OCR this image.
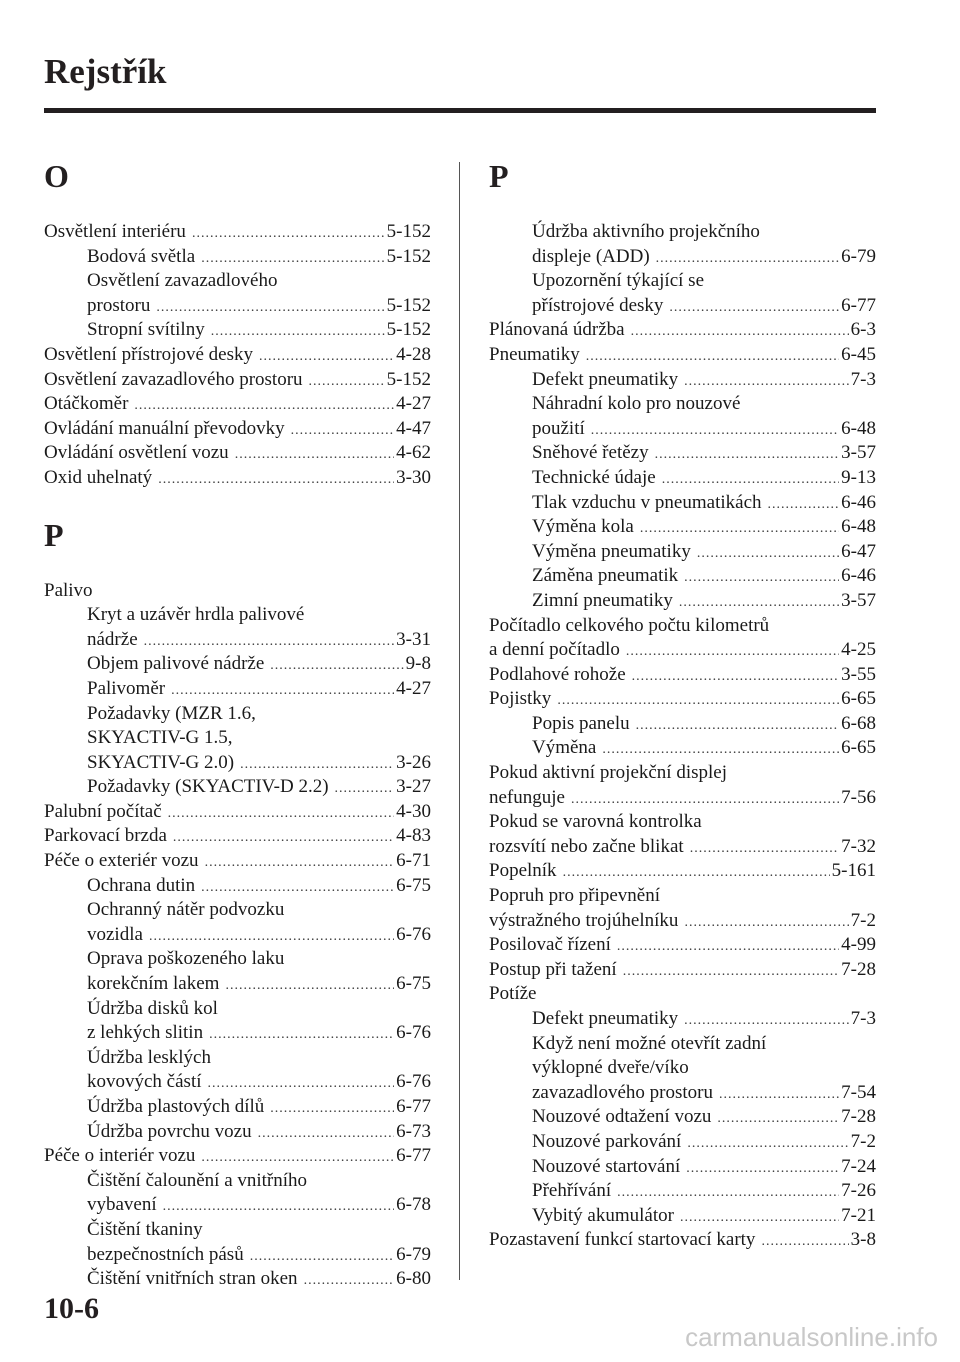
Rejstřík
O
Osvětlení interiéru .....	5-152
Bodová světla .....	5-152
Osvětlení zavazadlového
prostoru .....	5-152
Stropní svítilny .....	5-152
Osvětlení přístrojové desky .....	4-28
Osvětlení zavazadlového prostoru .....	5-152
Otáčkoměr .....	4-27
Ovládání manuální převodovky .....	4-47
Ovládání osvětlení vozu .....	4-62
Oxid uhelnatý .....	3-30
P
Palivo
Kryt a uzávěr hrdla palivové
nádrže .....	3-31
Objem palivové nádrže .....	9-8
Palivoměr .....	4-27
Požadavky (MZR 1.6,
SKYACTIV-G 1.5,
SKYACTIV-G 2.0) .....	3-26
Požadavky (SKYACTIV-D 2.2) .....	3-27
Palubní počítač .....	4-30
Parkovací brzda .....	4-83
Péče o exteriér vozu .....	6-71
Ochrana dutin .....	6-75
Ochranný nátěr podvozku
vozidla .....	6-76
Oprava poškozeného laku
korekčním lakem .....	6-75
Údržba disků kol
z lehkých slitin .....	6-76
Údržba lesklých
kovových částí .....	6-76
Údržba plastových dílů .....	6-77
Údržba povrchu vozu .....	6-73
Péče o interiér vozu .....	6-77
Čištění čalounění a vnitřního
vybavení .....	6-78
Čištění tkaniny
bezpečnostních pásů .....	6-79
Čištění vnitřních stran oken .....	6-80
P
Údržba aktivního projekčního
displeje (ADD) .....	6-79
Upozornění týkající se
přístrojové desky .....	6-77
Plánovaná údržba .....	6-3
Pneumatiky .....	6-45
Defekt pneumatiky .....	7-3
Náhradní kolo pro nouzové
použití .....	6-48
Sněhové řetězy .....	3-57
Technické údaje .....	9-13
Tlak vzduchu v pneumatikách .....	6-46
Výměna kola .....	6-48
Výměna pneumatiky .....	6-47
Záměna pneumatik .....	6-46
Zimní pneumatiky .....	3-57
Počítadlo celkového počtu kilometrů
a denní počítadlo .....	4-25
Podlahové rohože .....	3-55
Pojistky .....	6-65
Popis panelu .....	6-68
Výměna .....	6-65
Pokud aktivní projekční displej
nefunguje .....	7-56
Pokud se varovná kontrolka
rozsvítí nebo začne blikat .....	7-32
Popelník .....	5-161
Popruh pro připevnění
výstražného trojúhelníku .....	7-2
Posilovač řízení .....	4-99
Postup při tažení .....	7-28
Potíže
Defekt pneumatiky .....	7-3
Když není možné otevřít zadní
výklopné dveře/víko
zavazadlového prostoru .....	7-54
Nouzové odtažení vozu .....	7-28
Nouzové parkování .....	7-2
Nouzové startování .....	7-24
Přehřívání .....	7-26
Vybitý akumulátor .....	7-21
Pozastavení funkcí startovací karty .....	3-8
10-6
carmanualsonline.info
